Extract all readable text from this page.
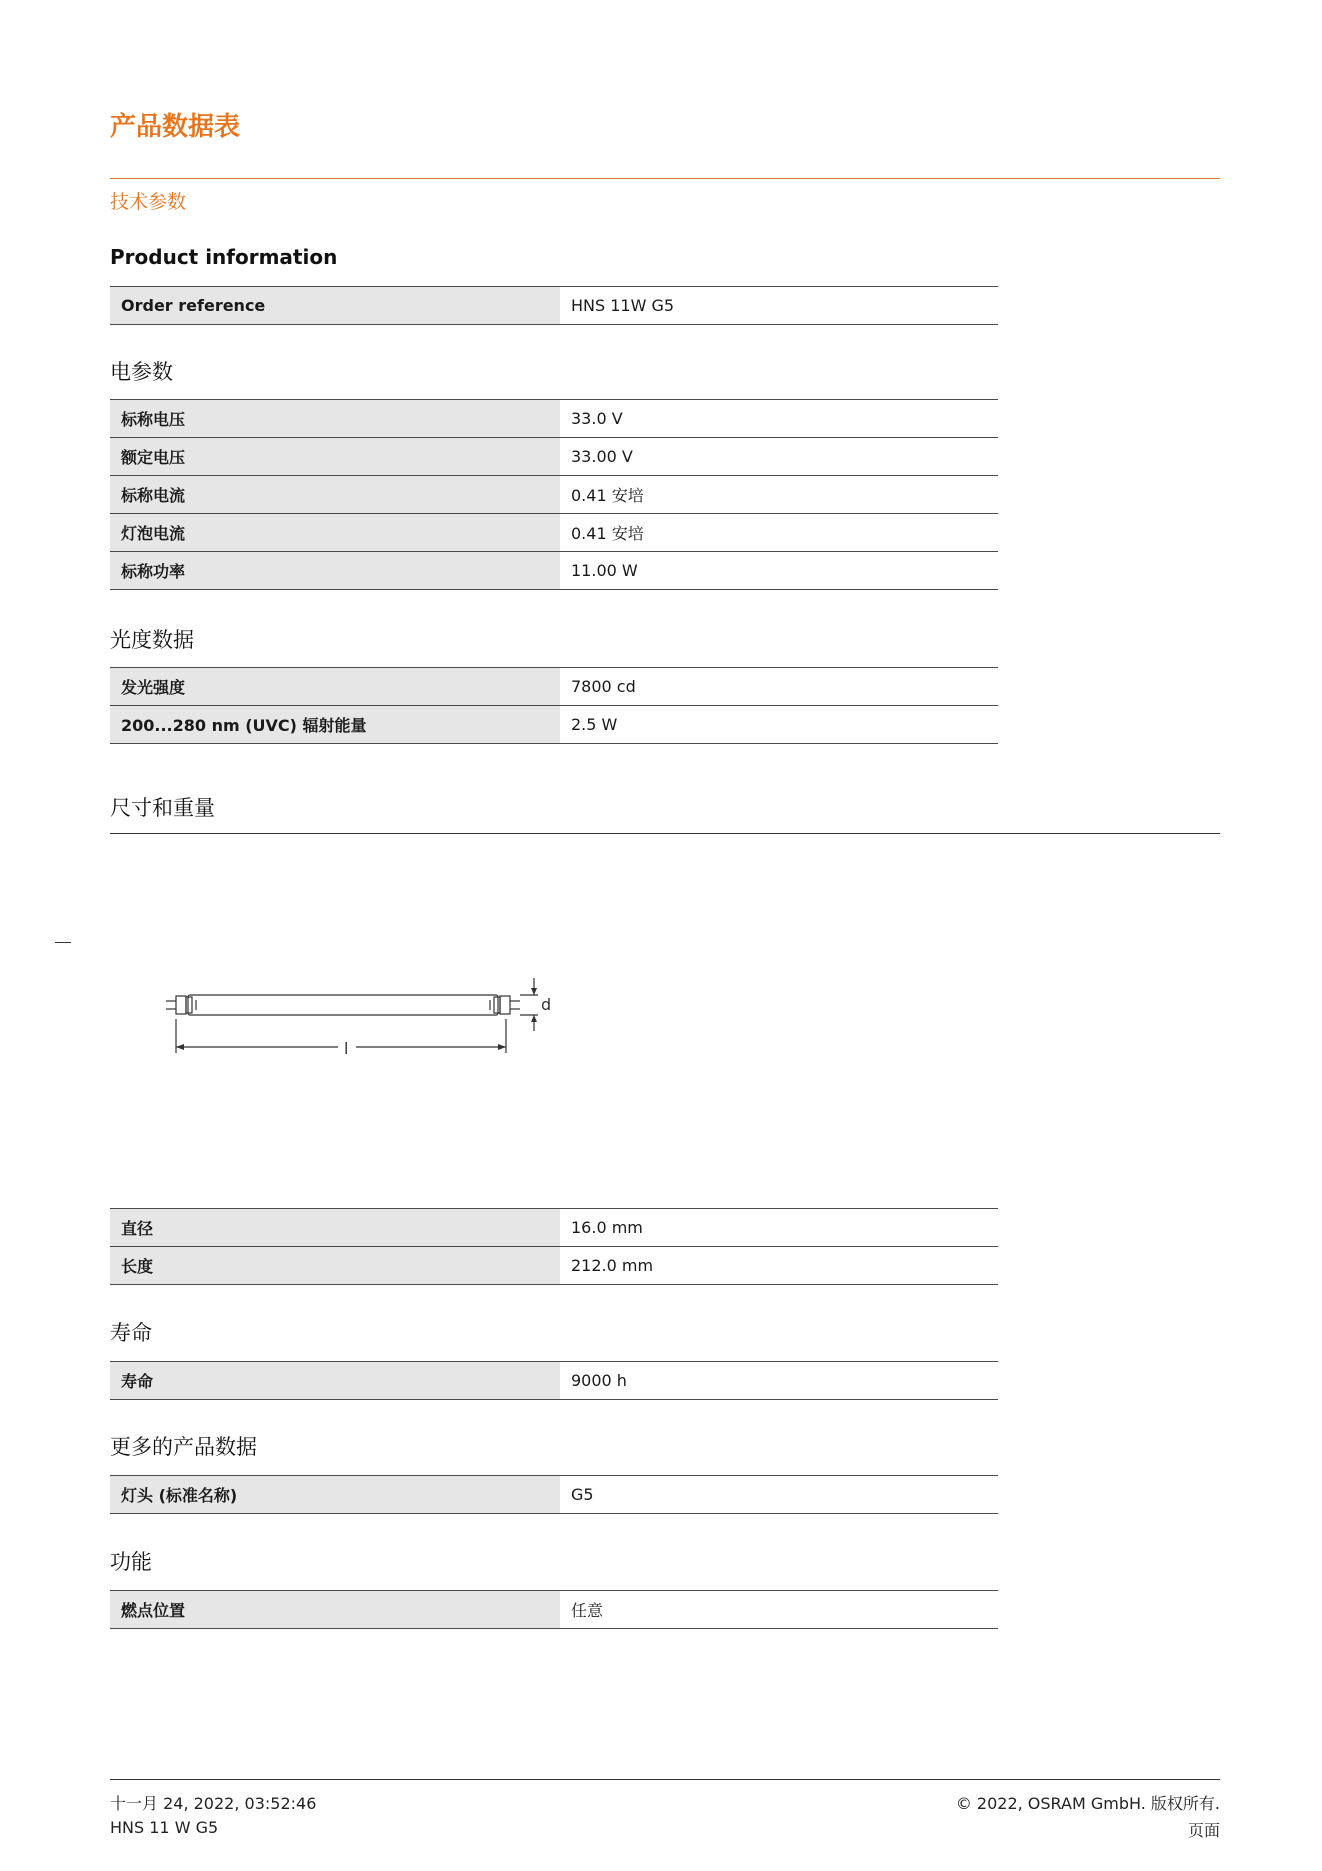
产品数据表
技术参数
Product information
Order reference	HNS 11W G5
电参数
标称电压	33.0 V
额定电压	33.00 V
标称电流	0.41 安培
灯泡电流	0.41 安培
标称功率	11.00 W
光度数据
发光强度	7800 cd
200...280 nm (UVC) 辐射能量	2.5 W
尺寸和重量
d
l
直径	16.0 mm
长度	212.0 mm
寿命
寿命	9000 h
更多的产品数据
灯头 (标准名称)	G5
功能
燃点位置	任意
十一月 24, 2022, 03:52:46
HNS 11 W G5
© 2022, OSRAM GmbH. 版权所有.
页面
